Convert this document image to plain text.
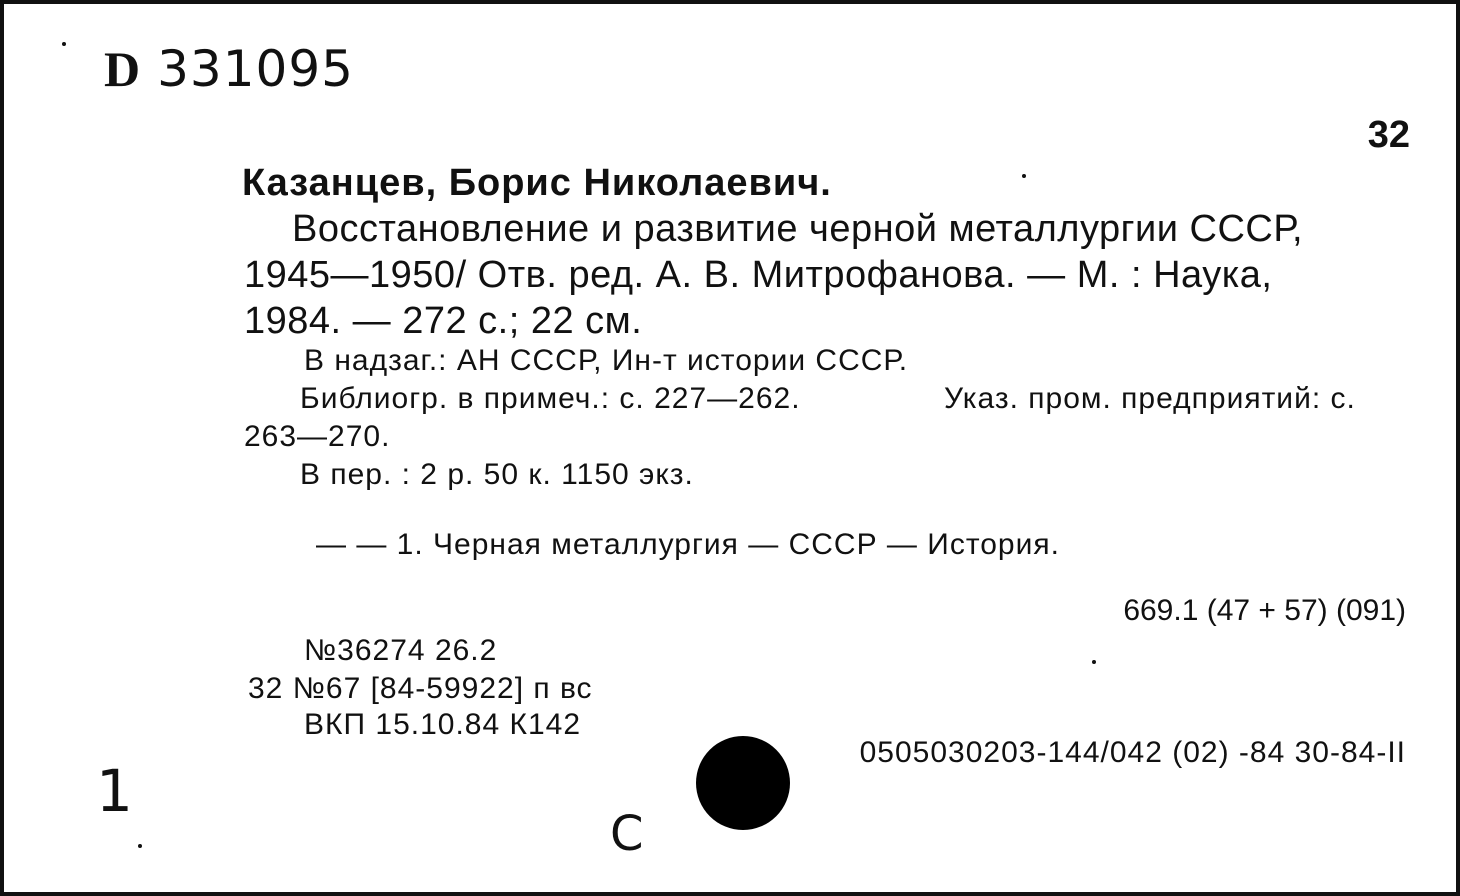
D 331095
32
Казанцев, Борис Николаевич.
Восстановление и развитие черной металлургии СССР,
1945—1950/ Отв. ред. А. В. Митрофанова. — М. : Наука,
1984. — 272 с.; 22 см.
В надзаг.: АН СССР, Ин-т истории СССР.
Библиогр. в примеч.: с. 227—262.	Указ. пром. предприятий: с.
263—270.
В пер. : 2 р. 50 к. 1150 экз.
— — 1. Черная металлургия — СССР — История.
669.1 (47 + 57) (091)
№36274 26.2
32 №67 [84-59922] п вс
ВКП 15.10.84 К142
0505030203-144/042 (02) -84 30-84-II
С
1
